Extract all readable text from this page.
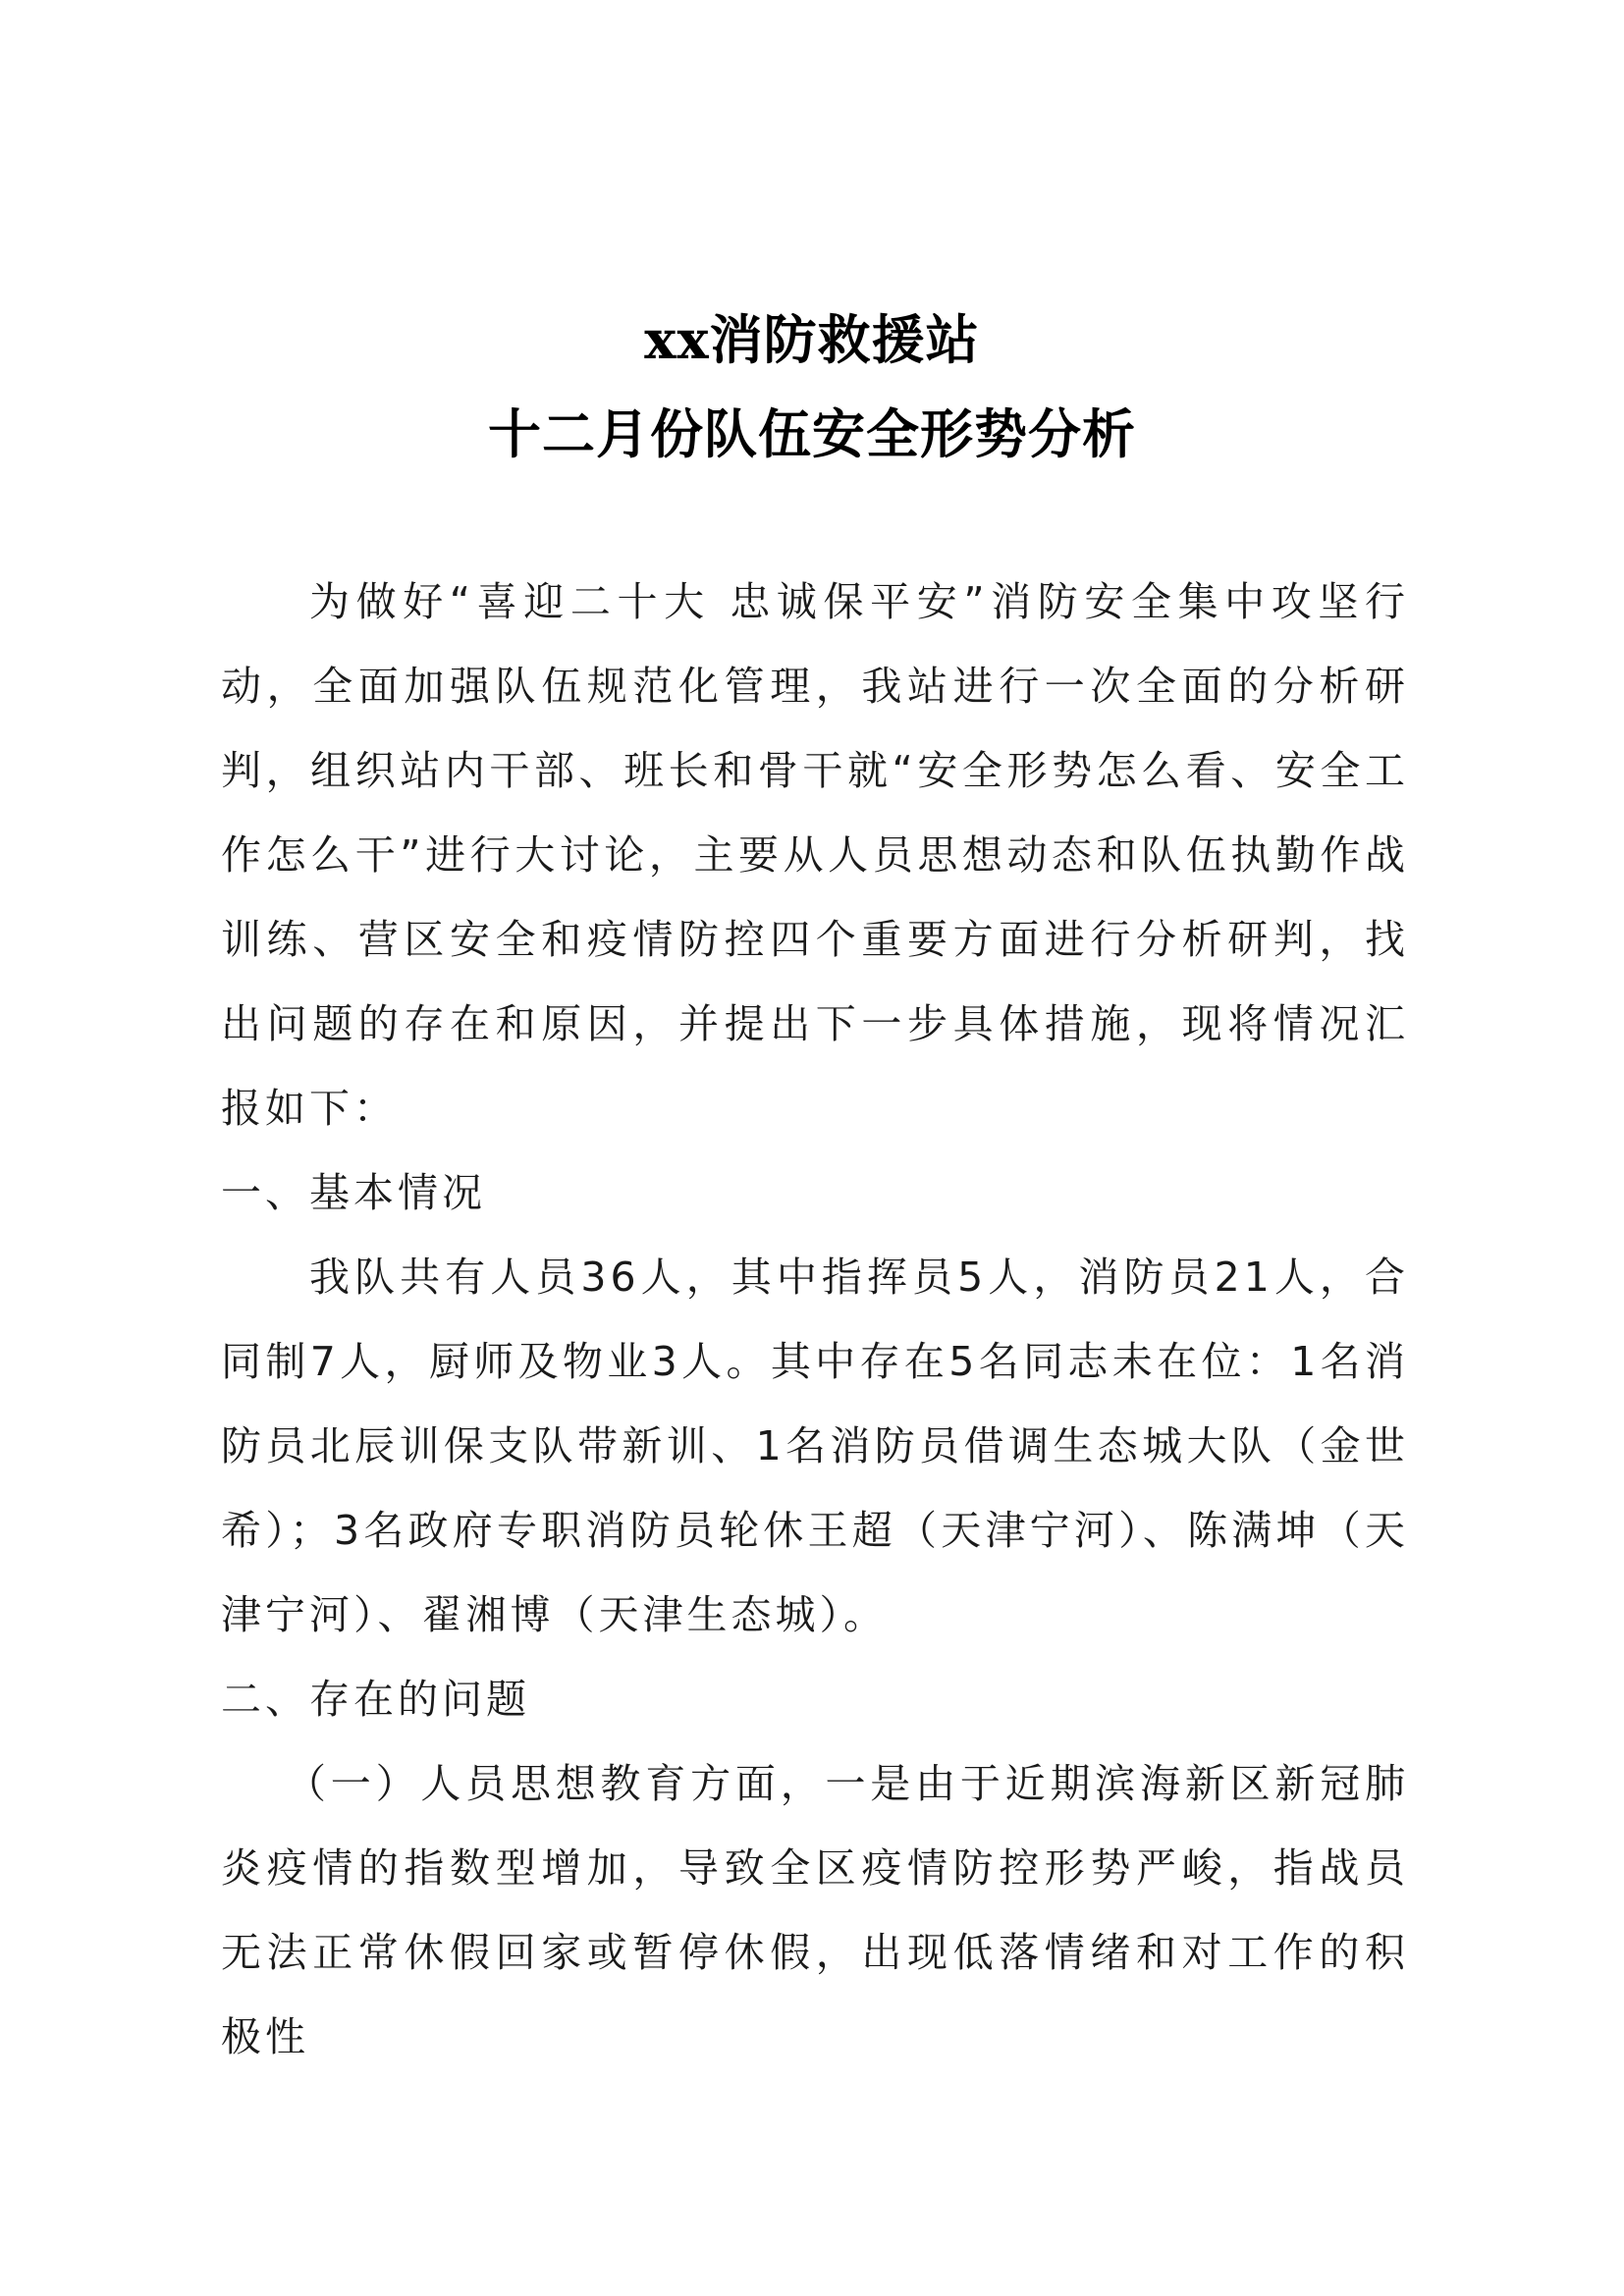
xx消防救援站
十二月份队伍安全形势分析

为做好“喜迎二十大 忠诚保平安”消防安全集中攻坚行动，全面加强队伍规范化管理，我站进行一次全面的分析研判，组织站内干部、班长和骨干就“安全形势怎么看、安全工作怎么干”进行大讨论，主要从人员思想动态和队伍执勤作战训练、营区安全和疫情防控四个重要方面进行分析研判，找出问题的存在和原因，并提出下一步具体措施，现将情况汇报如下：

一、基本情况

我队共有人员36人，其中指挥员5人，消防员21人，合同制7人，厨师及物业3人。其中存在5名同志未在位：1名消防员北辰训保支队带新训、1名消防员借调生态城大队（金世希）；3名政府专职消防员轮休王超（天津宁河）、陈满坤（天津宁河）、翟湘博（天津生态城）。

二、存在的问题

（一）人员思想教育方面，一是由于近期滨海新区新冠肺炎疫情的指数型增加，导致全区疫情防控形势严峻，指战员无法正常休假回家或暂停休假，出现低落情绪和对工作的积极性
